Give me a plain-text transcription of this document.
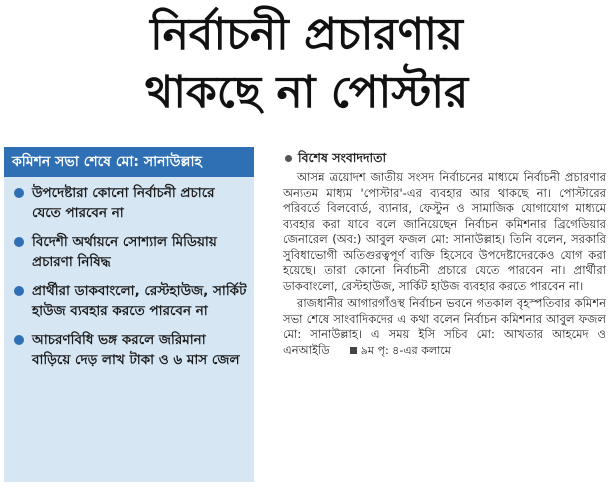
নির্বাচনী প্রচারণায়
থাকছে না পোস্টার
কমিশন সভা শেষে মো: সানাউল্লাহ
উপদেষ্টারা কোনো নির্বাচনী প্রচারে যেতে পারবেন না
বিদেশী অর্থায়নে সোশ্যাল মিডিয়ায় প্রচারণা নিষিদ্ধ
প্রার্থীরা ডাকবাংলো, রেস্টহাউজ, সার্কিট হাউজ ব্যবহার করতে পারবেন না
আচরণবিধি ভঙ্গ করলে জরিমানা বাড়িয়ে দেড় লাখ টাকা ও ৬ মাস জেল
বিশেষ সংবাদদাতা

আসন্ন ত্রয়োদশ জাতীয় সংসদ নির্বাচনের মাধ্যমে নির্বাচনী প্রচারণার অন্যতম মাধ্যম 'পোস্টার'-এর ব্যবহার আর থাকছে না। পোস্টারের পরিবর্তে বিলবোর্ড, ব্যানার, ফেস্টুন ও সামাজিক যোগাযোগ মাধ্যমে ব্যবহার করা যাবে বলে জানিয়েছেন নির্বাচন কমিশনার ব্রিগেডিয়ার জেনারেল (অব:) আবুল ফজল মো: সানাউল্লাহ। তিনি বলেন, সরকারি সুবিধাভোগী অতিগুরত্বপূর্ণ ব্যক্তি হিসেবে উপদেষ্টাদেরকেও যোগ করা হয়েছে। তারা কোনো নির্বাচনী প্রচারে যেতে পারবেন না। প্রার্থীরা ডাকবাংলো, রেস্টহাউজ, সার্কিট হাউজ ব্যবহার করতে পারবেন না।

রাজধানীর আগারগাঁওস্থ নির্বাচন ভবনে গতকাল বৃহস্পতিবার কমিশন সভা শেষে সাংবাদিকদের এ কথা বলেন নির্বাচন কমিশনার আবুল ফজল মো: সানাউল্লাহ। এ সময় ইসি সচিব মো: আখতার আহমেদ ও এনআইডি	৯ম পৃ: ৪-এর কলামে
